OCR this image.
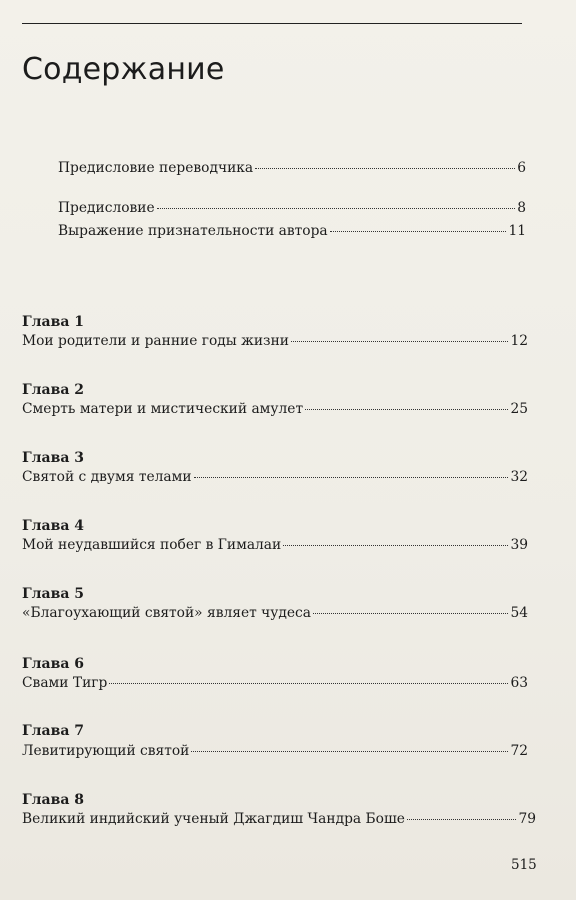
Содержание
Предисловие переводчика	6
Предисловие	8
Выражение признательности автора	11
Глава 1
Мои родители и ранние годы жизни	12
Глава 2
Смерть матери и мистический амулет	25
Глава 3
Святой с двумя телами	32
Глава 4
Мой неудавшийся побег в Гималаи	39
Глава 5
«Благоухающий святой» являет чудеса	54
Глава 6
Свами Тигр	63
Глава 7
Левитирующий святой	72
Глава 8
Великий индийский ученый Джагдиш Чандра Боше	79
515
